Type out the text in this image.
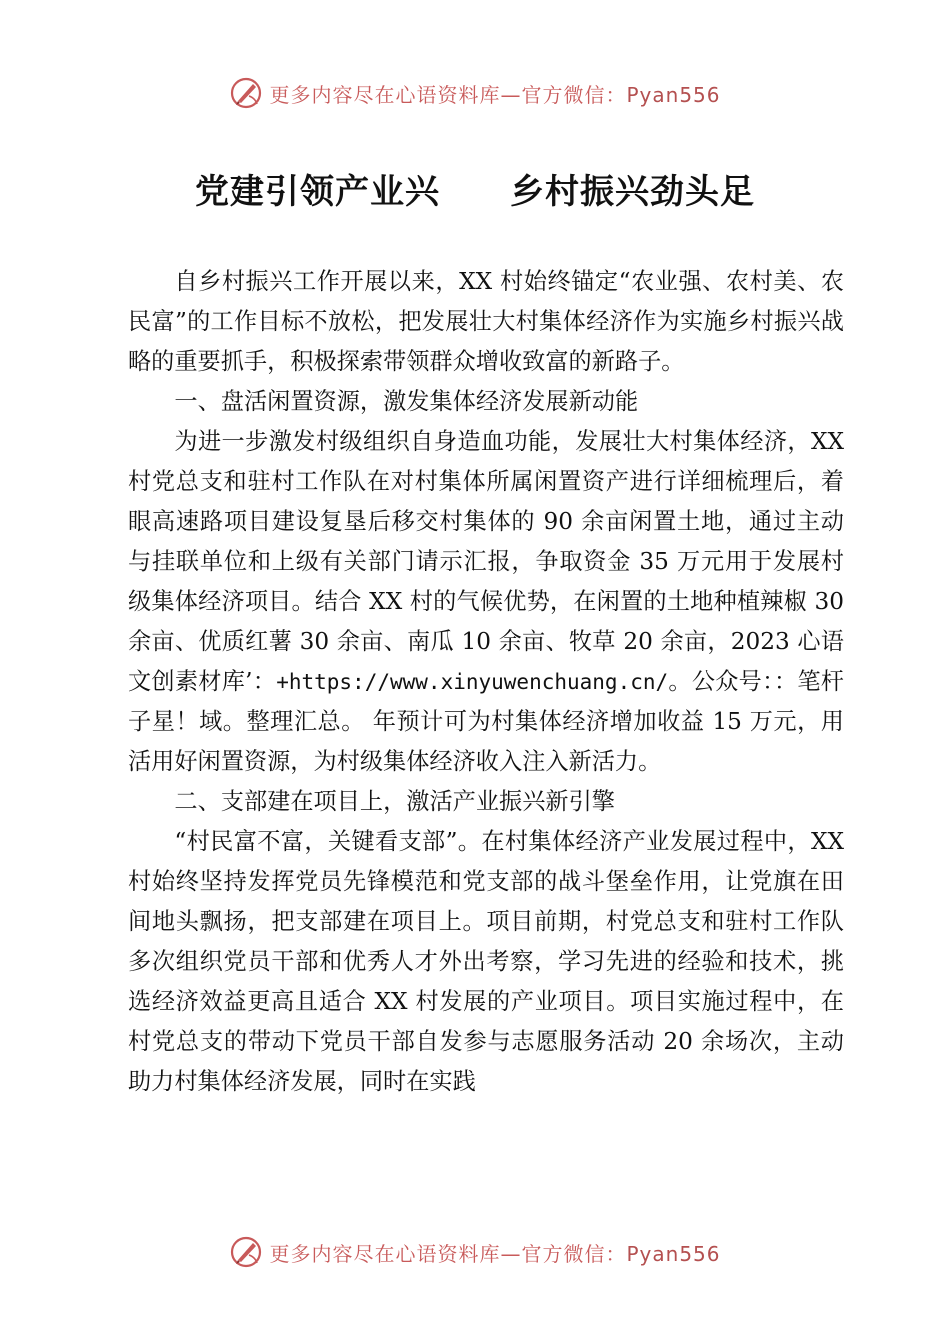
更多内容尽在心语资料库—官方微信：Pyan556
党建引领产业兴 乡村振兴劲头足

自乡村振兴工作开展以来，XX 村始终锚定“农业强、农村美、农民富”的工作目标不放松，把发展壮大村集体经济作为实施乡村振兴战略的重要抓手，积极探索带领群众增收致富的新路子。

一、盘活闲置资源，激发集体经济发展新动能

为进一步激发村级组织自身造血功能，发展壮大村集体经济，XX 村党总支和驻村工作队在对村集体所属闲置资产进行详细梳理后，着眼高速路项目建设复垦后移交村集体的 90 余亩闲置土地，通过主动与挂联单位和上级有关部门请示汇报，争取资金 35 万元用于发展村级集体经济项目。结合 XX 村的气候优势，在闲置的土地种植辣椒 30 余亩、优质红薯 30 余亩、南瓜 10 余亩、牧草 20 余亩，2023 心语文创素材库’：+https://www.xinyuwenchuang.cn/。公众号：：笔杆子星！域。整理汇总。 年预计可为村集体经济增加收益 15 万元，用活用好闲置资源，为村级集体经济收入注入新活力。

二、支部建在项目上，激活产业振兴新引擎

“村民富不富，关键看支部”。在村集体经济产业发展过程中，XX 村始终坚持发挥党员先锋模范和党支部的战斗堡垒作用，让党旗在田间地头飘扬，把支部建在项目上。项目前期，村党总支和驻村工作队多次组织党员干部和优秀人才外出考察，学习先进的经验和技术，挑选经济效益更高且适合 XX 村发展的产业项目。项目实施过程中，在村党总支的带动下党员干部自发参与志愿服务活动 20 余场次，主动助力村集体经济发展，同时在实践

更多内容尽在心语资料库—官方微信：Pyan556
